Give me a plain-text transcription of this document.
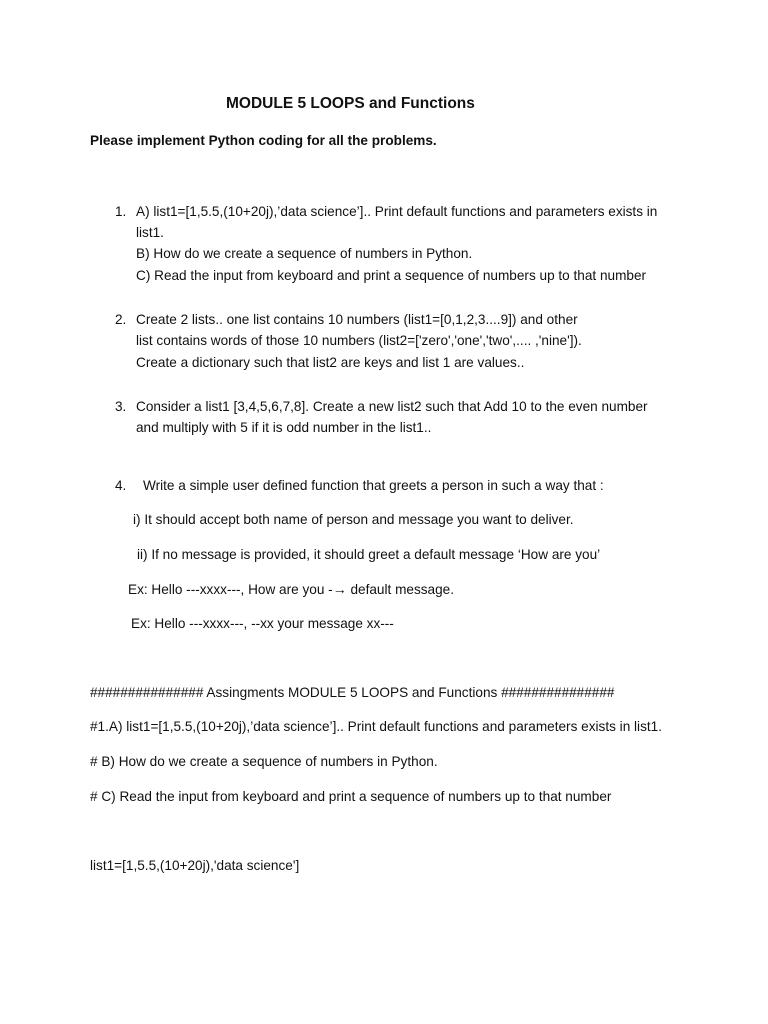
MODULE 5 LOOPS and Functions
Please implement Python coding for all the problems.
1. A) list1=[1,5.5,(10+20j),’data science’].. Print default functions and parameters exists in
list1.
B) How do we create a sequence of numbers in Python.
C) Read the input from keyboard and print a sequence of numbers up to that number
2. Create 2 lists.. one list contains 10 numbers (list1=[0,1,2,3....9]) and other
list contains words of those 10 numbers (list2=['zero','one','two',.... ,'nine']).
Create a dictionary such that list2 are keys and list 1 are values..
3. Consider a list1 [3,4,5,6,7,8]. Create a new list2 such that Add 10 to the even number
and multiply with 5 if it is odd number in the list1..
4. Write a simple user defined function that greets a person in such a way that :
i) It should accept both name of person and message you want to deliver.
ii) If no message is provided, it should greet a default message ‘How are you’
Ex: Hello ---xxxx---, How are you -→ default message.
Ex: Hello ---xxxx---, --xx your message xx---
############### Assingments MODULE 5 LOOPS and Functions ###############
#1.A) list1=[1,5.5,(10+20j),’data science’].. Print default functions and parameters exists in list1.
# B) How do we create a sequence of numbers in Python.
# C) Read the input from keyboard and print a sequence of numbers up to that number
list1=[1,5.5,(10+20j),'data science']
